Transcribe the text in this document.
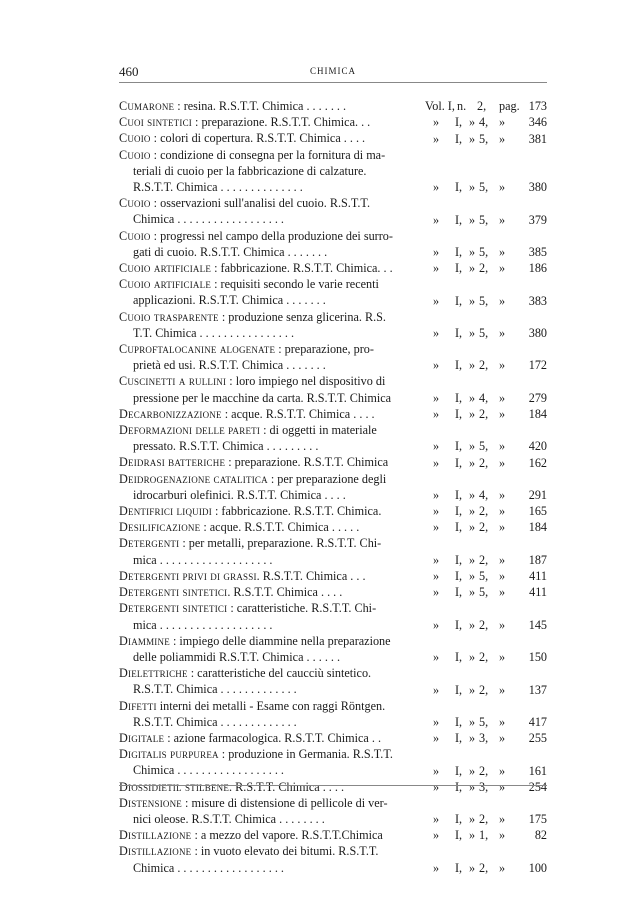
460	CHIMICA
Cumarone : resina. R.S.T.T. Chimica . . . . . . .	Vol. I, n. 2, pag. 173
Cuoi sintetici : preparazione. R.S.T.T. Chimica. . .	» I, » 4, » 346
Cuoio : colori di copertura. R.S.T.T. Chimica . . . .	» I, » 5, » 381
Cuoio : condizione di consegna per la fornitura di ma-
teriali di cuoio per la fabbricazione di calzature.
R.S.T.T. Chimica . . . . . . . . . . . . . .	» I, » 5, » 380
Cuoio : osservazioni sull'analisi del cuoio. R.S.T.T.
Chimica . . . . . . . . . . . . . . . . . .	» I, » 5, » 379
Cuoio : progressi nel campo della produzione dei surro-
gati di cuoio. R.S.T.T. Chimica . . . . . . .	» I, » 5, » 385
Cuoio artificiale : fabbricazione. R.S.T.T. Chimica. . .	» I, » 2, » 186
Cuoio artificiale : requisiti secondo le varie recenti
applicazioni. R.S.T.T. Chimica . . . . . . .	» I, » 5, » 383
Cuoio trasparente : produzione senza glicerina. R.S.
T.T. Chimica . . . . . . . . . . . . . . . .	» I, » 5, » 380
Cuproftalocanine alogenate : preparazione, pro-
prietà ed usi. R.S.T.T. Chimica . . . . . . .	» I, » 2, » 172
Cuscinetti a rullini : loro impiego nel dispositivo di
pressione per le macchine da carta. R.S.T.T. Chimica	» I, » 4, » 279
Decarbonizzazione : acque. R.S.T.T. Chimica . . . .	» I, » 2, » 184
Deformazioni delle pareti : di oggetti in materiale
pressato. R.S.T.T. Chimica . . . . . . . . .	» I, » 5, » 420
Deidrasi batteriche : preparazione. R.S.T.T. Chimica	» I, » 2, » 162
Deidrogenazione catalitica : per preparazione degli
idrocarburi olefinici. R.S.T.T. Chimica . . . .	» I, » 4, » 291
Dentifrici liquidi : fabbricazione. R.S.T.T. Chimica.	» I, » 2, » 165
Desilificazione : acque. R.S.T.T. Chimica . . . . .	» I, » 2, » 184
Detergenti : per metalli, preparazione. R.S.T.T. Chi-
mica . . . . . . . . . . . . . . . . . . .	» I, » 2, » 187
Detergenti privi di grassi. R.S.T.T. Chimica . . .	» I, » 5, » 411
Detergenti sintetici. R.S.T.T. Chimica . . . .	» I, » 5, » 411
Detergenti sintetici : caratteristiche. R.S.T.T. Chi-
mica . . . . . . . . . . . . . . . . . . .	» I, » 2, » 145
Diammine : impiego delle diammine nella preparazione
delle poliammidi R.S.T.T. Chimica . . . . . .	» I, » 2, » 150
Dielettriche : caratteristiche del caucciù sintetico.
R.S.T.T. Chimica . . . . . . . . . . . . .	» I, » 2, » 137
Difetti interni dei metalli - Esame con raggi Röntgen.
R.S.T.T. Chimica . . . . . . . . . . . . .	» I, » 5, » 417
Digitale : azione farmacologica. R.S.T.T. Chimica . .	» I, » 3, » 255
Digitalis purpurea : produzione in Germania. R.S.T.T.
Chimica . . . . . . . . . . . . . . . . . .	» I, » 2, » 161
Diossidietil stilbene. R.S.T.T. Chimica . . . .	» I, » 3, » 254
Distensione : misure di distensione di pellicole di ver-
nici oleose. R.S.T.T. Chimica . . . . . . . .	» I, » 2, » 175
Distillazione : a mezzo del vapore. R.S.T.T.Chimica	» I, » 1, » 82
Distillazione : in vuoto elevato dei bitumi. R.S.T.T.
Chimica . . . . . . . . . . . . . . . . . .	» I, » 2, » 100
